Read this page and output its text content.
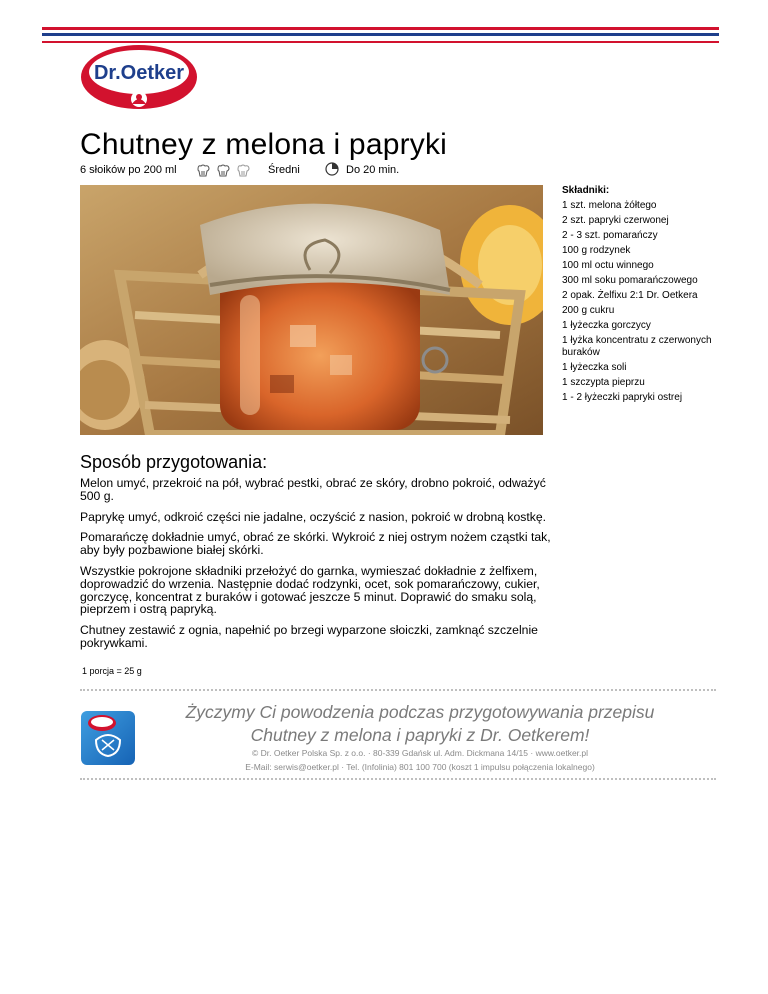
Dr.Oetker
Chutney z melona i papryki
6 słoików po 200 ml
	Średni	Do 20 min.
Składniki:
1 szt. melona żółtego
2 szt. papryki czerwonej
2 - 3 szt. pomarańczy
100 g rodzynek
100 ml octu winnego
300 ml soku pomarańczowego
2 opak. Żelfixu 2:1 Dr. Oetkera
200 g cukru
1 łyżeczka gorczycy
1 łyżka koncentratu z czerwonych buraków
1 łyżeczka soli
1 szczypta pieprzu
1 - 2 łyżeczki papryki ostrej
Sposób przygotowania:

Melon umyć, przekroić na pół, wybrać pestki, obrać ze skóry, drobno pokroić, odważyć 500 g.

Paprykę umyć, odkroić części nie jadalne, oczyścić z nasion, pokroić w drobną kostkę.

Pomarańczę dokładnie umyć, obrać ze skórki. Wykroić z niej ostrym nożem cząstki tak, aby były pozbawione białej skórki.

Wszystkie pokrojone składniki przełożyć do garnka, wymieszać dokładnie z żelfixem, doprowadzić do wrzenia. Następnie dodać rodzynki, ocet, sok pomarańczowy, cukier, gorczycę, koncentrat z buraków i gotować jeszcze 5 minut. Doprawić do smaku solą, pieprzem i ostrą papryką.

Chutney zestawić z ognia, napełnić po brzegi wyparzone słoiczki, zamknąć szczelnie pokrywkami.

1 porcja = 25 g
Życzymy Ci powodzenia podczas przygotowywania przepisu
Chutney z melona i papryki z Dr. Oetkerem!
© Dr. Oetker Polska Sp. z o.o. · 80-339 Gdańsk ul. Adm. Dickmana 14/15 · www.oetker.pl
E-Mail: serwis@oetker.pl · Tel. (Infolinia) 801 100 700 (koszt 1 impulsu połączenia lokalnego)
